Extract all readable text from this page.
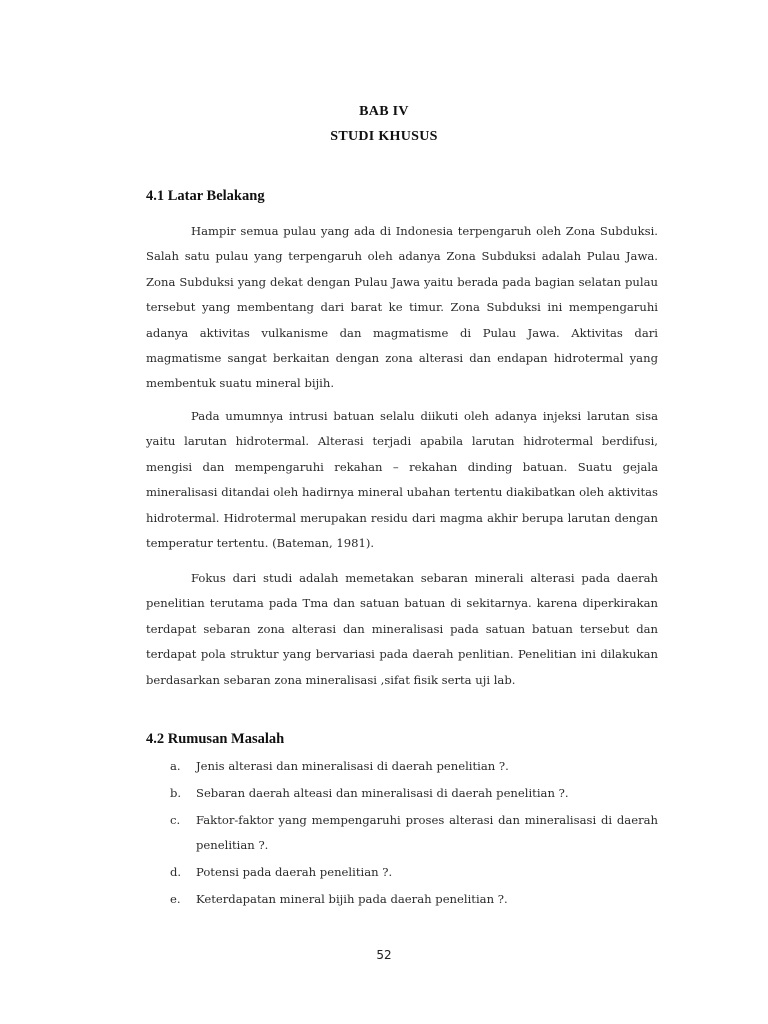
BAB IV
STUDI KHUSUS
4.1 Latar Belakang
Hampir semua pulau yang ada di Indonesia terpengaruh oleh Zona Subduksi. Salah satu pulau yang terpengaruh oleh adanya Zona Subduksi adalah Pulau Jawa. Zona Subduksi yang dekat dengan Pulau Jawa yaitu berada pada bagian selatan pulau tersebut yang membentang dari barat ke timur. Zona Subduksi ini mempengaruhi adanya aktivitas vulkanisme dan magmatisme di Pulau Jawa. Aktivitas dari magmatisme sangat berkaitan dengan zona alterasi dan endapan hidrotermal yang membentuk suatu mineral bijih.
Pada umumnya intrusi batuan selalu diikuti oleh adanya injeksi larutan sisa yaitu larutan hidrotermal. Alterasi terjadi apabila larutan hidrotermal berdifusi, mengisi dan mempengaruhi rekahan – rekahan dinding batuan. Suatu gejala mineralisasi ditandai oleh hadirnya mineral ubahan tertentu diakibatkan oleh aktivitas hidrotermal. Hidrotermal merupakan residu dari magma akhir berupa larutan dengan temperatur tertentu. (Bateman, 1981).
Fokus dari studi adalah memetakan sebaran minerali alterasi pada daerah penelitian terutama pada Tma dan satuan batuan di sekitarnya. karena diperkirakan terdapat sebaran zona alterasi dan mineralisasi pada satuan batuan tersebut dan terdapat pola struktur yang bervariasi pada daerah penlitian. Penelitian ini dilakukan berdasarkan sebaran zona mineralisasi ,sifat fisik serta uji lab.
4.2 Rumusan Masalah
a. Jenis alterasi dan mineralisasi di daerah penelitian ?.
b. Sebaran daerah alteasi dan mineralisasi di daerah penelitian ?.
c. Faktor-faktor yang mempengaruhi proses alterasi dan mineralisasi di daerah penelitian ?.
d. Potensi pada daerah penelitian ?.
e. Keterdapatan mineral bijih pada daerah penelitian ?.
52
